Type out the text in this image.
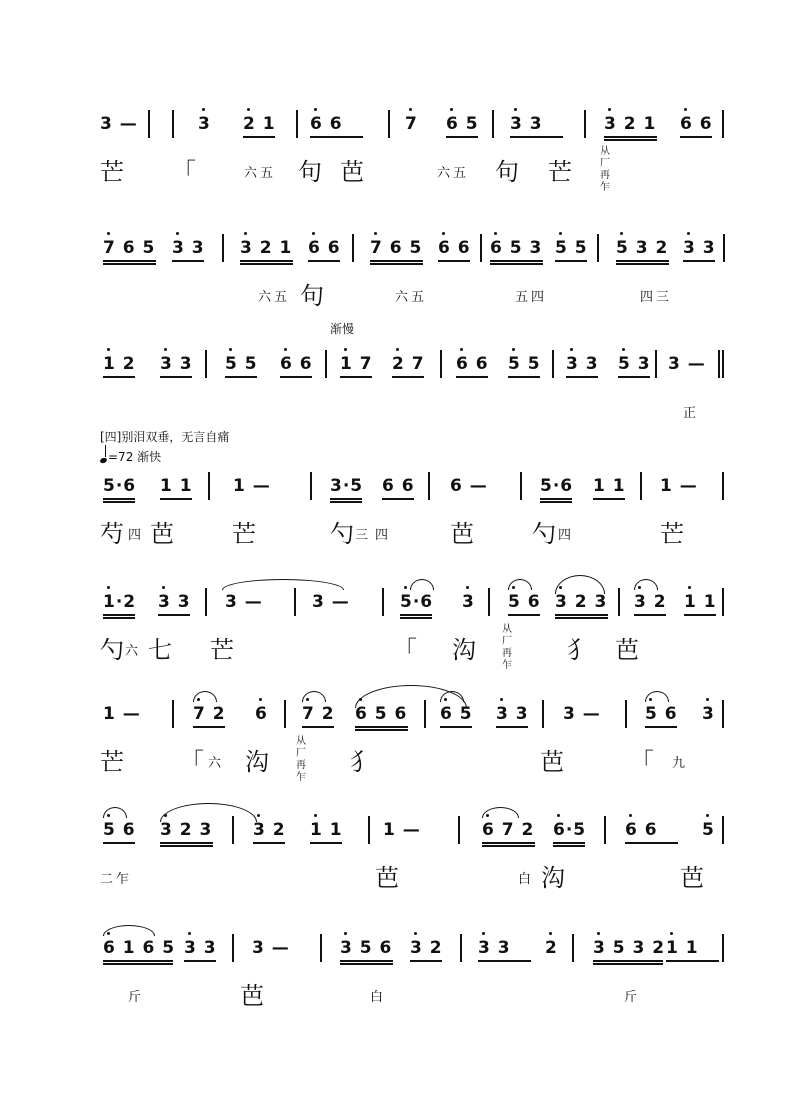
3 —	3 2 1 6 6	7 6 5 3 3	3 2 1 6 6
芒 「	六五 句 芭	六五 句 芒
从 厂 再 乍
7 6 5 3 3 3 2 1 6 6 7 6 5 6 6 6 5 3 5 5 5 3 2 3 3
六五 句	六五	五四	四三
1 2 3 3 5 5 6 6 1 7 2 7 6 6 5 5 3 3 5 3 3 —
正
5·6 1 1 1 —	3·5 6 6 6 —	5·6 1 1 1 —
芍 四 芭 芒	勺 三 四 芭 勺 四	芒
1·2 3 3 3 —	3 —	5·6 3 5 6 3 2 3 3 2 1 1
勺 六 七 芒	「 沟
从 厂 再 乍
犭 芭
1 —	7 2 6 7 2 6 5 6 6 5 3 3 3 —	5 6 3
芒 「 六 沟
从 厂 再 乍
犭	芭	「 九
5 6 3 2 3 3 2 1 1 1 —	6 7 2 6·5 6 6	5
二乍	芭	白 沟	芭
6 1 6 5 3 3 3 —	3 5 6 3 2 3 3 2 3 5 3 2 1 1
斤	芭	白	斤
渐慢
[四]别泪双垂，无言自痛
=72 渐快
